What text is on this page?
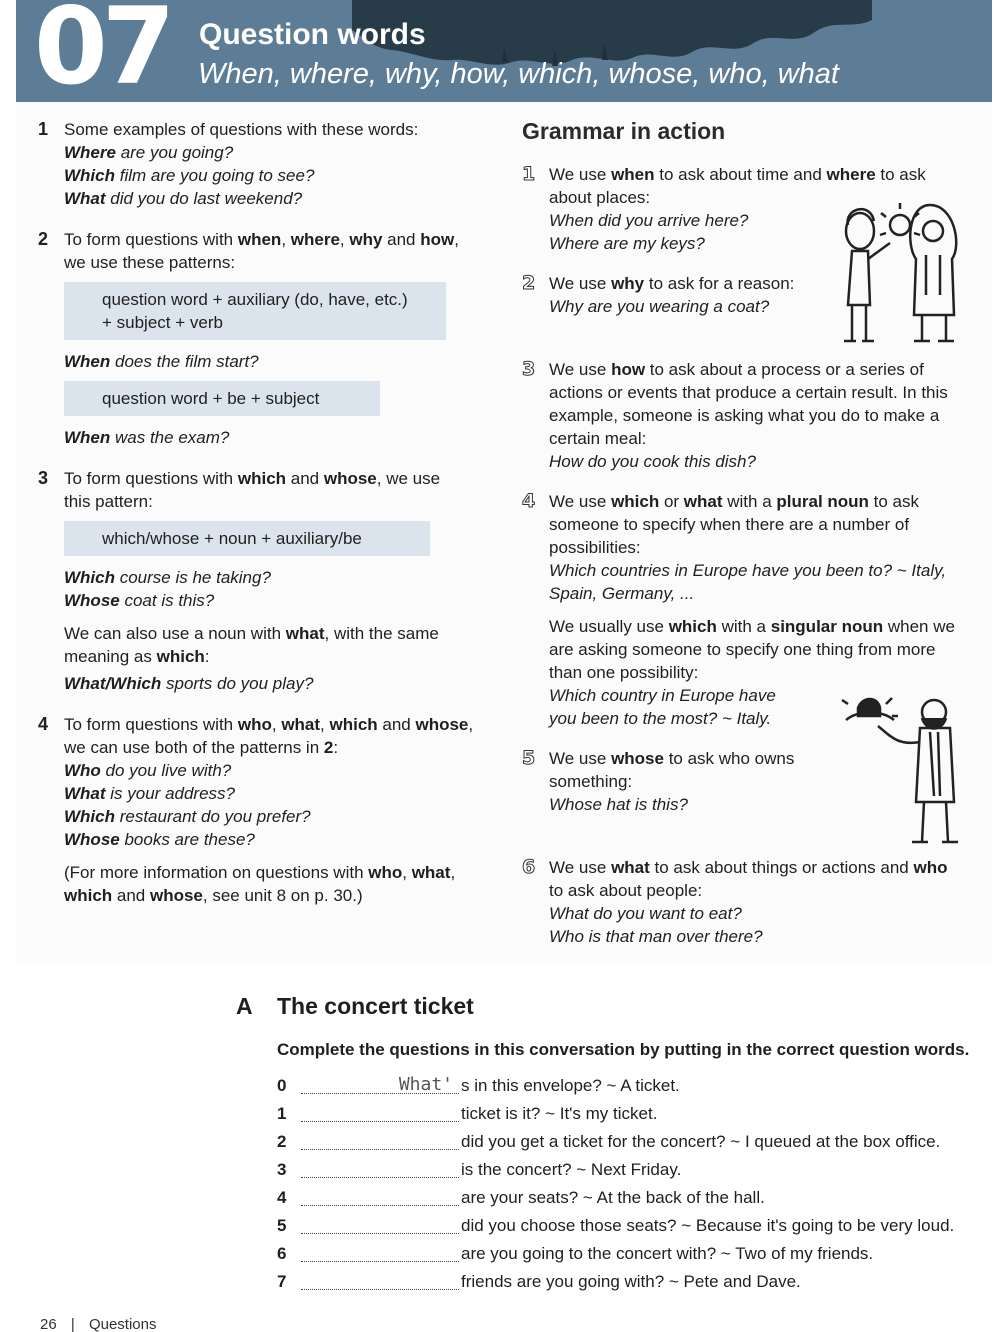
07 Question words
When, where, why, how, which, whose, who, what
1 Some examples of questions with these words:
Where are you going?
Which film are you going to see?
What did you do last weekend?
2 To form questions with when, where, why and how,
we use these patterns:
question word + auxiliary (do, have, etc.)
+ subject + verb
When does the film start?
question word + be + subject
When was the exam?
3 To form questions with which and whose, we use
this pattern:
which/whose + noun + auxiliary/be
Which course is he taking?
Whose coat is this?
We can also use a noun with what, with the same
meaning as which:
What/Which sports do you play?
4 To form questions with who, what, which and whose,
we can use both of the patterns in 2:
Who do you live with?
What is your address?
Which restaurant do you prefer?
Whose books are these?
(For more information on questions with who, what,
which and whose, see unit 8 on p. 30.)
Grammar in action
1 We use when to ask about time and where to ask
about places:
When did you arrive here?
Where are my keys?
2 We use why to ask for a reason:
Why are you wearing a coat?
3 We use how to ask about a process or a series of
actions or events that produce a certain result. In this
example, someone is asking what you do to make a
certain meal:
How do you cook this dish?
4 We use which or what with a plural noun to ask
someone to specify when there are a number of
possibilities:
Which countries in Europe have you been to? ~ Italy,
Spain, Germany, ...
We usually use which with a singular noun when we
are asking someone to specify one thing from more
than one possibility:
Which country in Europe have
you been to the most? ~ Italy.
5 We use whose to ask who owns
something:
Whose hat is this?
6 We use what to ask about things or actions and who
to ask about people:
What do you want to eat?
Who is that man over there?
A The concert ticket
Complete the questions in this conversation by putting in the correct question words.
0	What' s in this envelope? ~ A ticket.
1	ticket is it? ~ It's my ticket.
2	did you get a ticket for the concert? ~ I queued at the box office.
3	is the concert? ~ Next Friday.
4	are your seats? ~ At the back of the hall.
5	did you choose those seats? ~ Because it's going to be very loud.
6	are you going to the concert with? ~ Two of my friends.
7	friends are you going with? ~ Pete and Dave.
26 | Questions
